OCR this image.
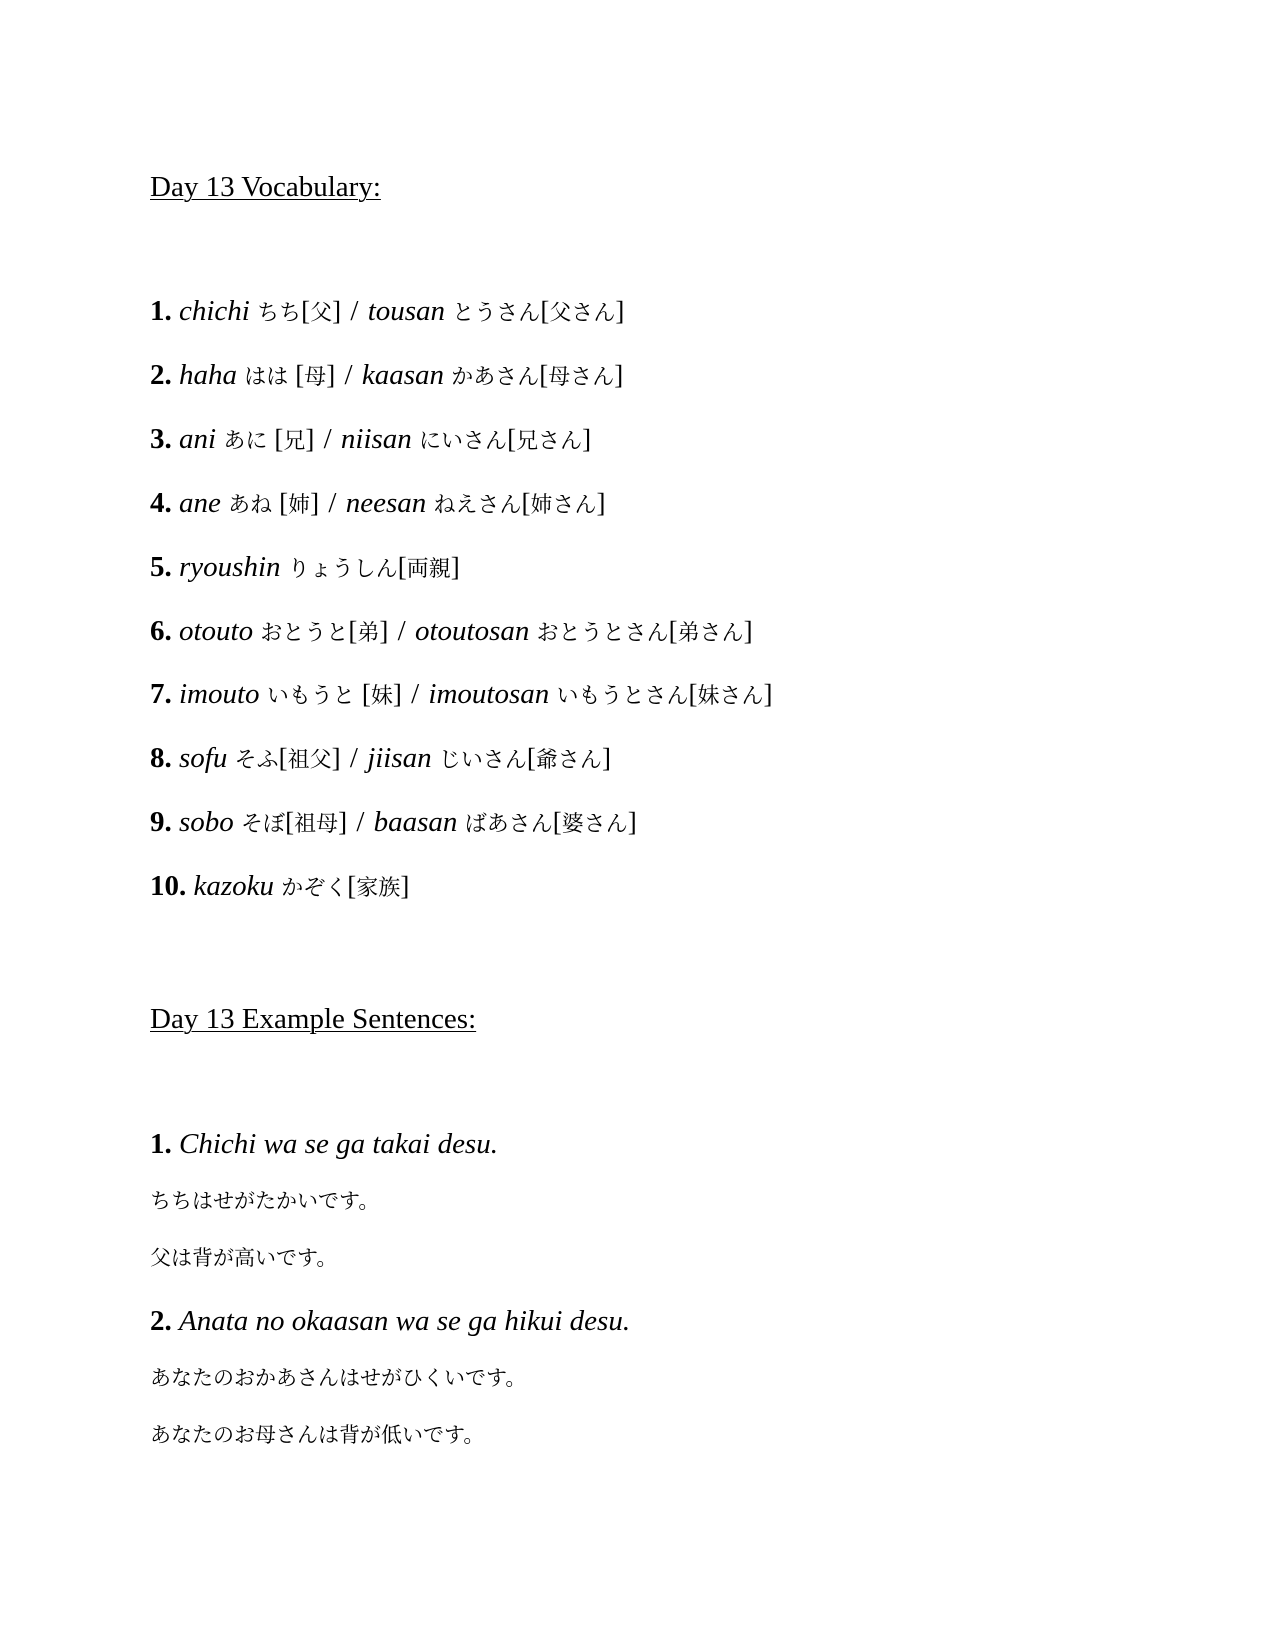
Day 13 Vocabulary:
1. chichi ちち[父] / tousan とうさん[父さん]
2. haha はは [母] / kaasan かあさん[母さん]
3. ani あに [兄] / niisan にいさん[兄さん]
4. ane あね [姉] / neesan ねえさん[姉さん]
5. ryoushin りょうしん[両親]
6. otouto おとうと[弟] / otoutosan おとうとさん[弟さん]
7. imouto いもうと [妹] / imoutosan いもうとさん[妹さん]
8. sofu そふ[祖父] / jiisan じいさん[爺さん]
9. sobo そぼ[祖母] / baasan ばあさん[婆さん]
10. kazoku かぞく[家族]
Day 13 Example Sentences:
1. Chichi wa se ga takai desu.
ちちはせがたかいです。
父は背が高いです。
2. Anata no okaasan wa se ga hikui desu.
あなたのおかあさんはせがひくいです。
あなたのお母さんは背が低いです。
